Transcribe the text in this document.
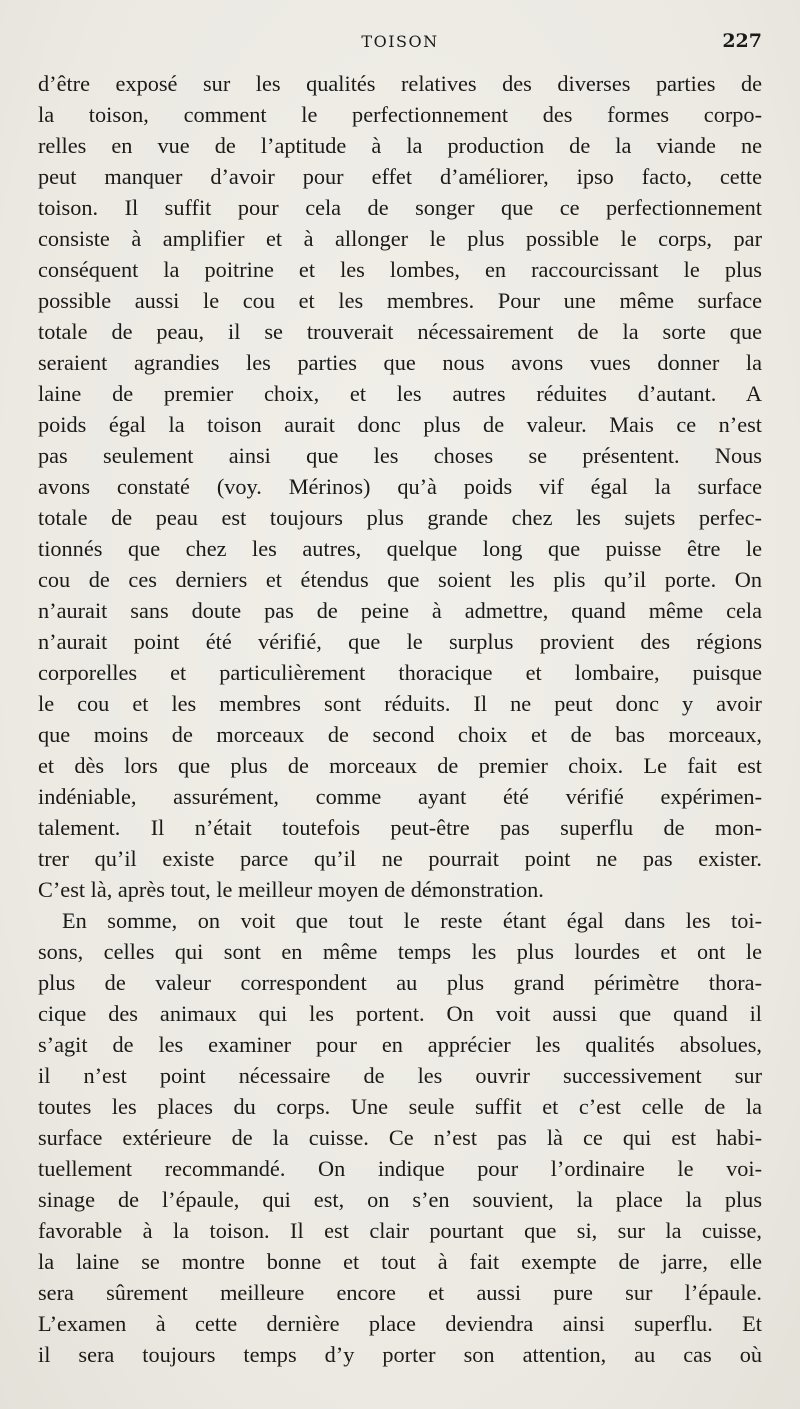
TOISON	227
d’être exposé sur les qualités relatives des diverses parties de
la toison, comment le perfectionnement des formes corpo-
relles en vue de l’aptitude à la production de la viande ne
peut manquer d’avoir pour effet d’améliorer, ipso facto, cette
toison. Il suffit pour cela de songer que ce perfectionnement
consiste à amplifier et à allonger le plus possible le corps, par
conséquent la poitrine et les lombes, en raccourcissant le plus
possible aussi le cou et les membres. Pour une même surface
totale de peau, il se trouverait nécessairement de la sorte que
seraient agrandies les parties que nous avons vues donner la
laine de premier choix, et les autres réduites d’autant. A
poids égal la toison aurait donc plus de valeur. Mais ce n’est
pas seulement ainsi que les choses se présentent. Nous
avons constaté (voy. Mérinos) qu’à poids vif égal la surface
totale de peau est toujours plus grande chez les sujets perfec-
tionnés que chez les autres, quelque long que puisse être le
cou de ces derniers et étendus que soient les plis qu’il porte. On
n’aurait sans doute pas de peine à admettre, quand même cela
n’aurait point été vérifié, que le surplus provient des régions
corporelles et particulièrement thoracique et lombaire, puisque
le cou et les membres sont réduits. Il ne peut donc y avoir
que moins de morceaux de second choix et de bas morceaux,
et dès lors que plus de morceaux de premier choix. Le fait est
indéniable, assurément, comme ayant été vérifié expérimen-
talement. Il n’était toutefois peut-être pas superflu de mon-
trer qu’il existe parce qu’il ne pourrait point ne pas exister.
C’est là, après tout, le meilleur moyen de démonstration.
En somme, on voit que tout le reste étant égal dans les toi-
sons, celles qui sont en même temps les plus lourdes et ont le
plus de valeur correspondent au plus grand périmètre thora-
cique des animaux qui les portent. On voit aussi que quand il
s’agit de les examiner pour en apprécier les qualités absolues,
il n’est point nécessaire de les ouvrir successivement sur
toutes les places du corps. Une seule suffit et c’est celle de la
surface extérieure de la cuisse. Ce n’est pas là ce qui est habi-
tuellement recommandé. On indique pour l’ordinaire le voi-
sinage de l’épaule, qui est, on s’en souvient, la place la plus
favorable à la toison. Il est clair pourtant que si, sur la cuisse,
la laine se montre bonne et tout à fait exempte de jarre, elle
sera sûrement meilleure encore et aussi pure sur l’épaule.
L’examen à cette dernière place deviendra ainsi superflu. Et
il sera toujours temps d’y porter son attention, au cas où
